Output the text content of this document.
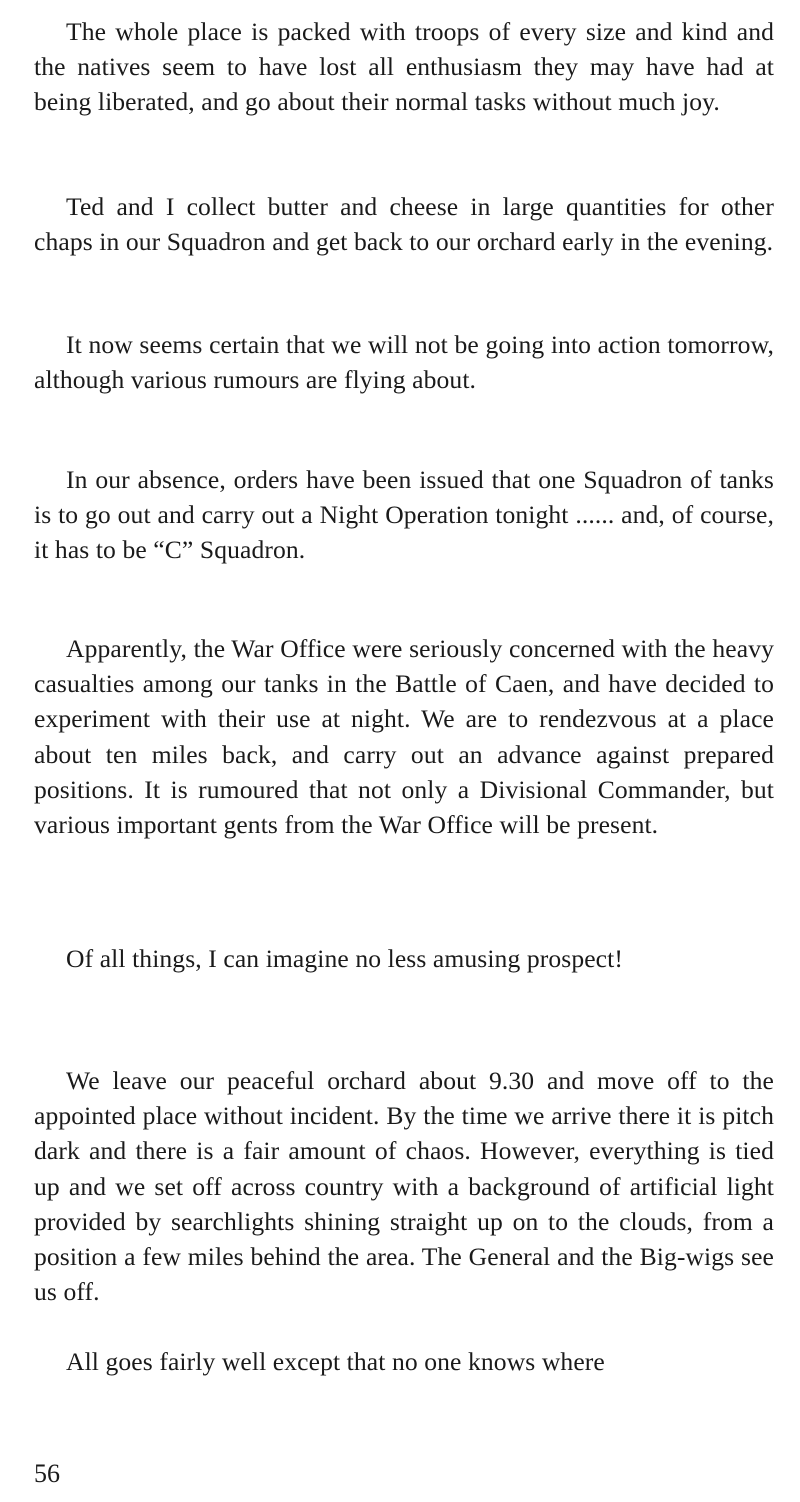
The whole place is packed with troops of every size and kind and the natives seem to have lost all enthusiasm they may have had at being liberated, and go about their normal tasks without much joy.

Ted and I collect butter and cheese in large quantities for other chaps in our Squadron and get back to our orchard early in the evening.

It now seems certain that we will not be going into action tomorrow, although various rumours are flying about.

In our absence, orders have been issued that one Squadron of tanks is to go out and carry out a Night Operation tonight ...... and, of course, it has to be “C” Squadron.

Apparently, the War Office were seriously concerned with the heavy casualties among our tanks in the Battle of Caen, and have decided to experiment with their use at night. We are to rendezvous at a place about ten miles back, and carry out an advance against prepared positions. It is rumoured that not only a Divisional Commander, but various important gents from the War Office will be present.

Of all things, I can imagine no less amusing prospect!

We leave our peaceful orchard about 9.30 and move off to the appointed place without incident. By the time we arrive there it is pitch dark and there is a fair amount of chaos. However, everything is tied up and we set off across country with a background of artificial light provided by searchlights shining straight up on to the clouds, from a position a few miles behind the area. The General and the Big-wigs see us off.

All goes fairly well except that no one knows where

56
